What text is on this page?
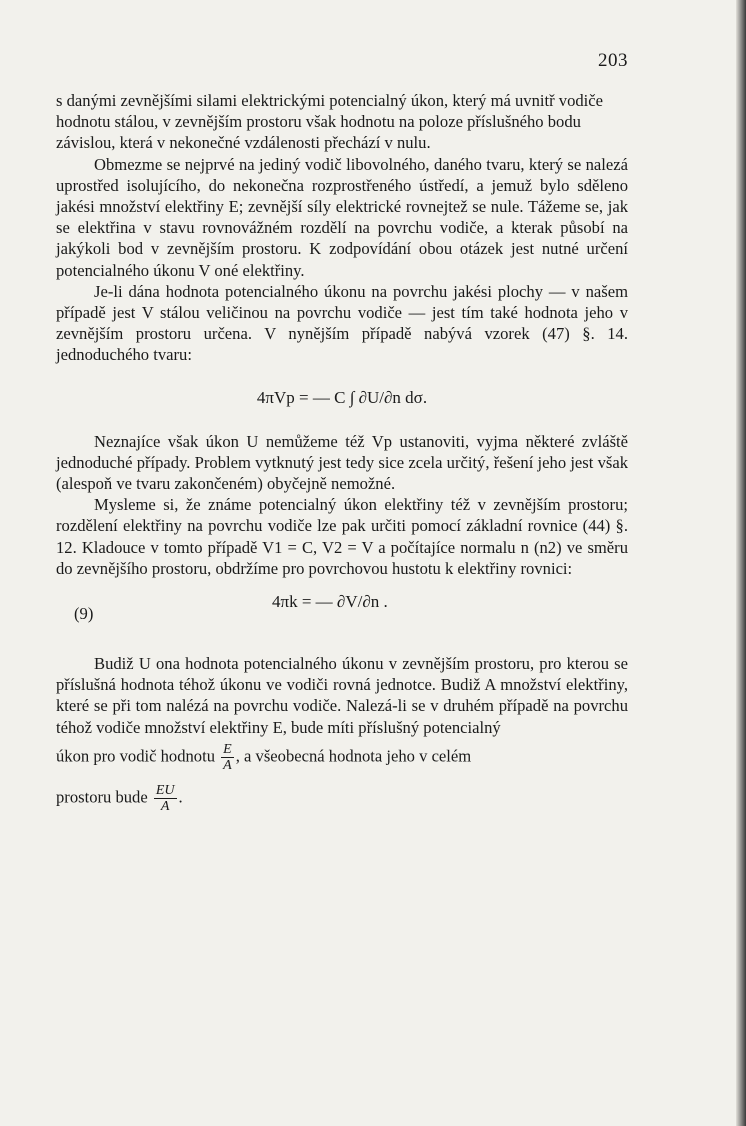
203

s danými zevnějšími silami elektrickými potencialný úkon, který má uvnitř vodiče hodnotu stálou, v zevnějším prostoru však hodnotu na poloze příslušného bodu závislou, která v nekonečné vzdálenosti přechází v nulu.

Obmezme se nejprvé na jediný vodič libovolného, daného tvaru, který se nalezá uprostřed isolujícího, do nekonečna rozprostřeného ústředí, a jemuž bylo sděleno jakési množství elektřiny E; zevnější síly elektrické rovnejtež se nule. Tážeme se, jak se elektřina v stavu rovnovážném rozdělí na povrchu vodiče, a kterak působí na jakýkoli bod v zevnějším prostoru. K zodpovídání obou otázek jest nutné určení potencialného úkonu V oné elektřiny.

Je-li dána hodnota potencialného úkonu na povrchu jakési plochy — v našem případě jest V stálou veličinou na povrchu vodiče — jest tím také hodnota jeho v zevnějším prostoru určena. V nynějším případě nabývá vzorek (47) §. 14. jednoduchého tvaru:

4πVp = — C ∫ ∂U/∂n dσ.

Neznajíce však úkon U nemůžeme též Vp ustanoviti, vyjma některé zvláště jednoduché případy. Problem vytknutý jest tedy sice zcela určitý, řešení jeho jest však (alespoň ve tvaru zakončeném) obyčejně nemožné.

Mysleme si, že známe potencialný úkon elektřiny též v zevnějším prostoru; rozdělení elektřiny na povrchu vodiče lze pak určiti pomocí základní rovnice (44) §. 12. Kladouce v tomto případě V1 = C, V2 = V a počítajíce normalu n (n2) ve směru do zevnějšího prostoru, obdržíme pro povrchovou hustotu k elektřiny rovnici:

(9)
4πk = — ∂V/∂n .

Budiž U ona hodnota potencialného úkonu v zevnějším prostoru, pro kterou se příslušná hodnota téhož úkonu ve vodiči rovná jednotce. Budiž A množství elektřiny, které se při tom nalézá na povrchu vodiče. Nalezá-li se v druhém případě na povrchu téhož vodiče množství elektřiny E, bude míti příslušný potencialný

úkon pro vodič hodnotu $\frac{E}{A}$ , a všeobecná hodnota jeho v celém

prostoru bude $\frac{EU}{A}$ .
